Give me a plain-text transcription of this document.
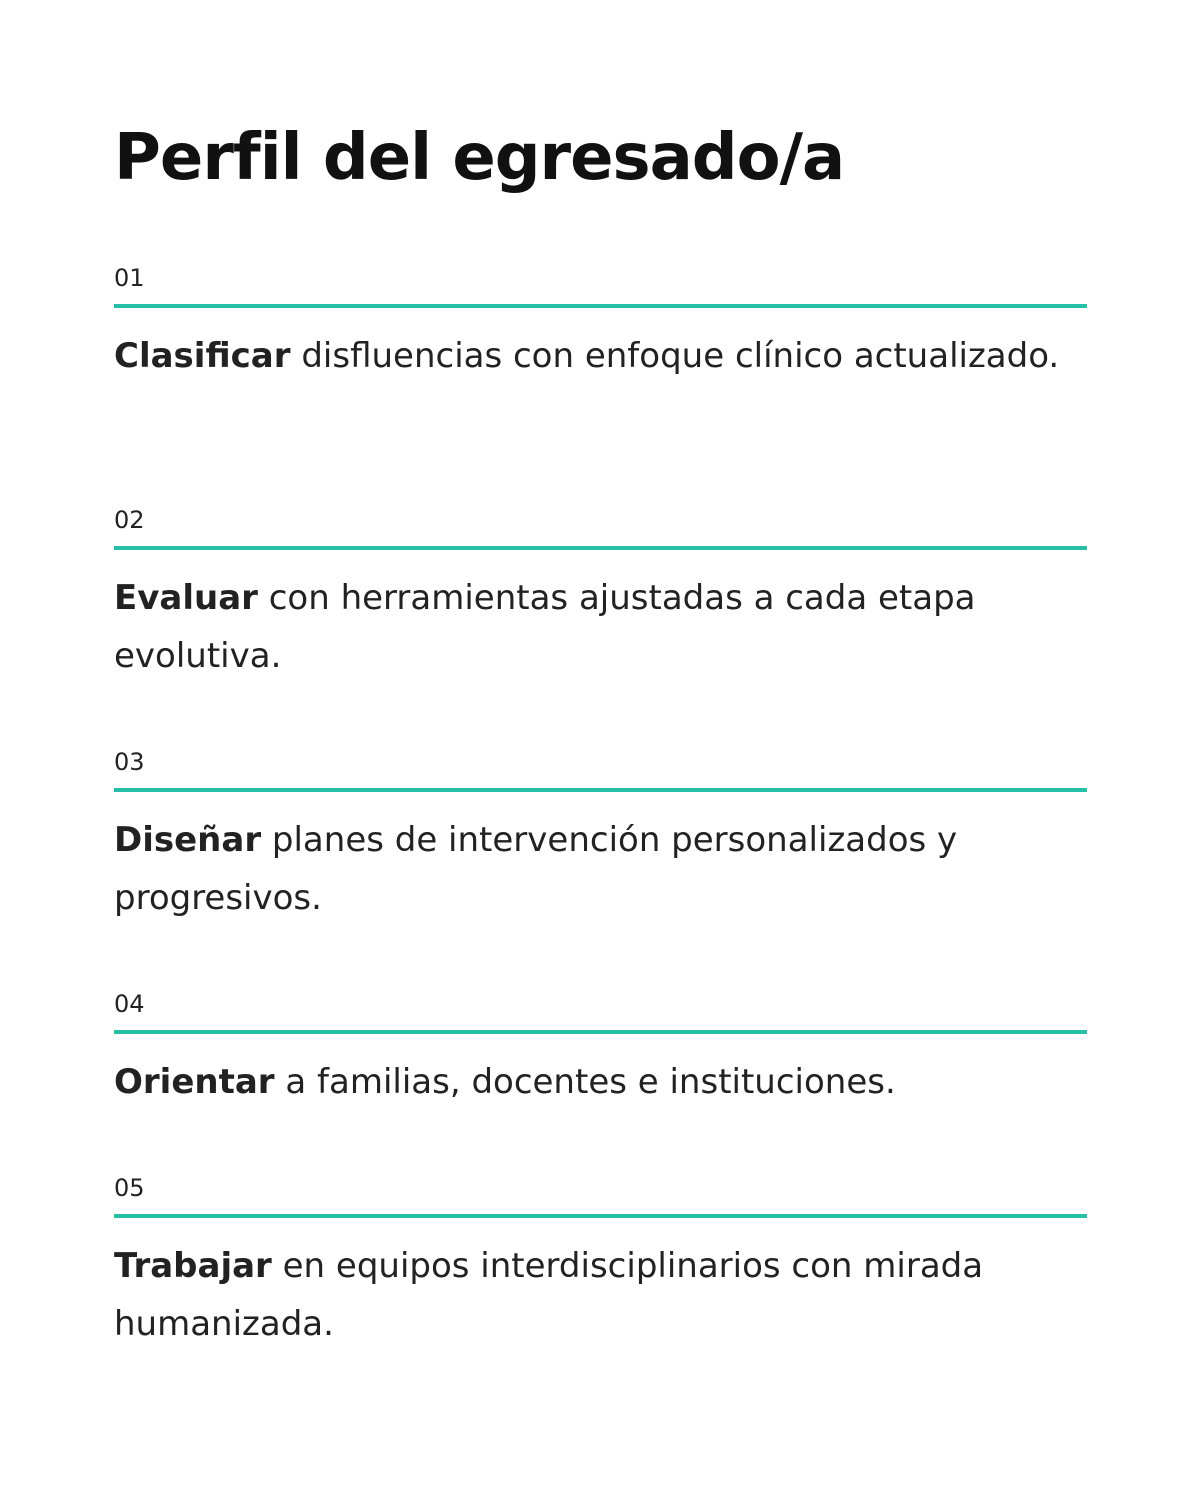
Perfil del egresado/a
01

Clasificar disfluencias con enfoque clínico actualizado.

02

Evaluar con herramientas ajustadas a cada etapa evolutiva.

03

Diseñar planes de intervención personalizados y progresivos.

04

Orientar a familias, docentes e instituciones.

05

Trabajar en equipos interdisciplinarios con mirada humanizada.
